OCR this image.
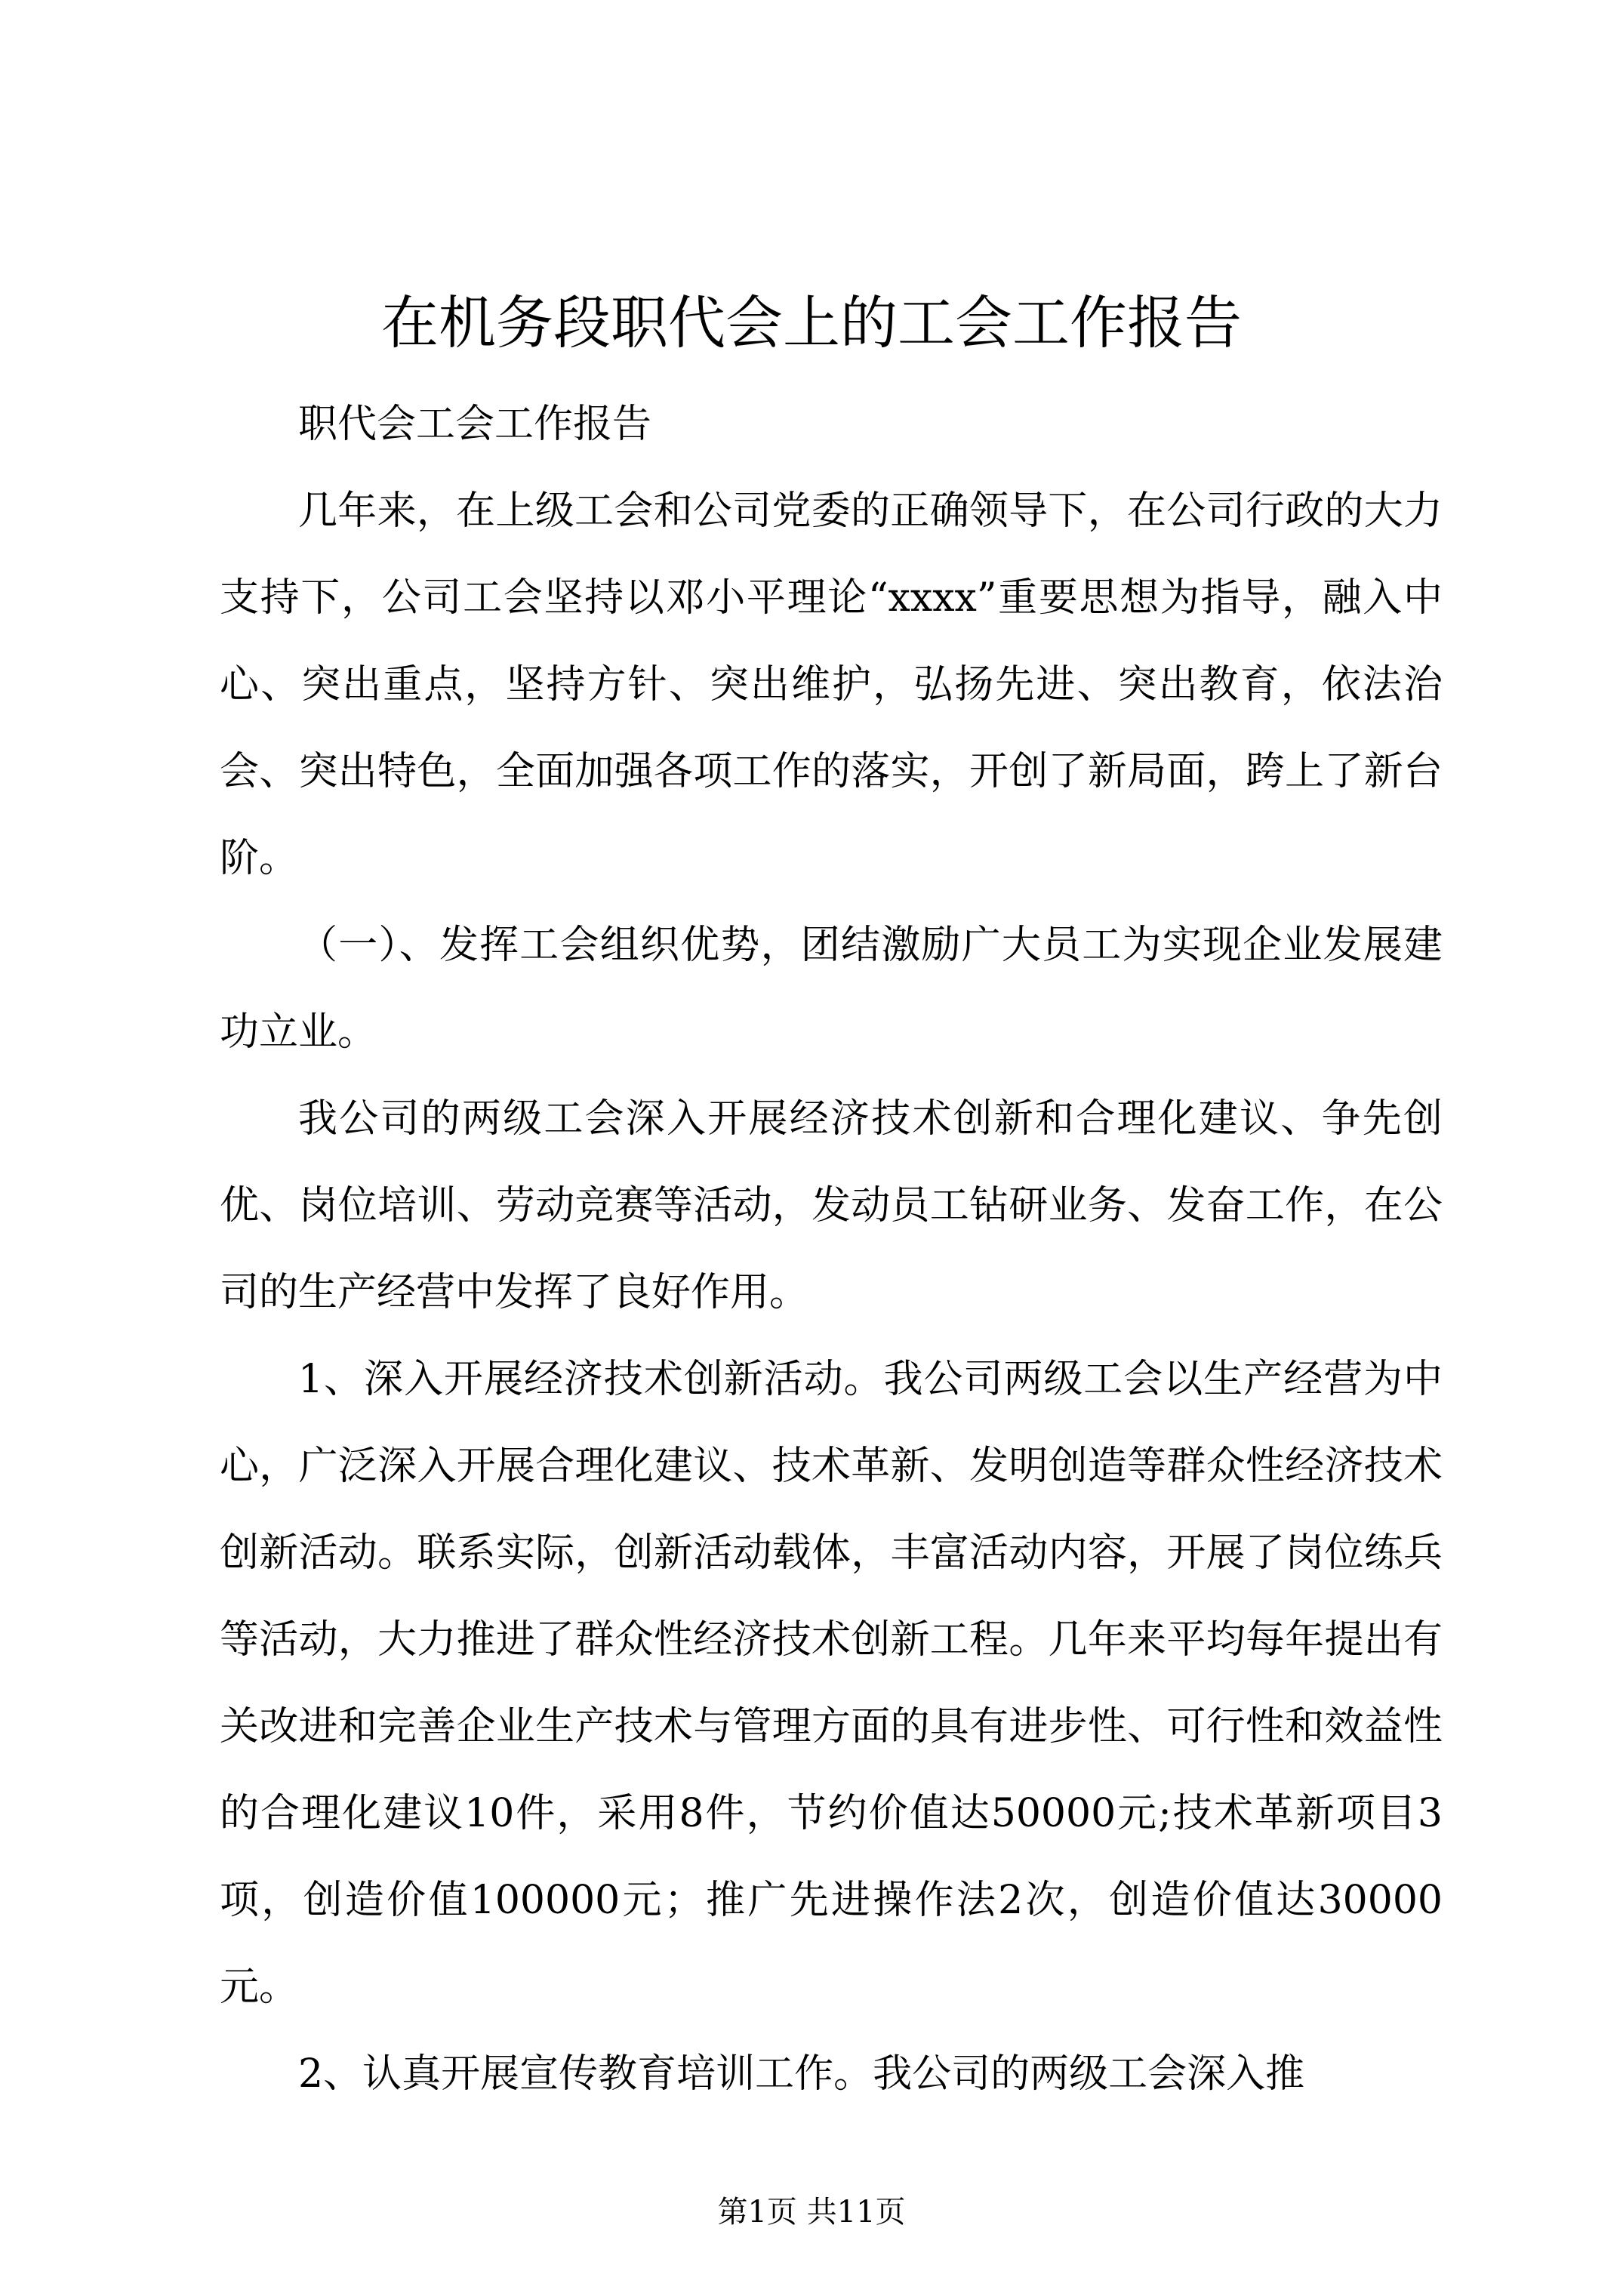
在机务段职代会上的工会工作报告

职代会工会工作报告

几年来，在上级工会和公司党委的正确领导下，在公司行政的大力支持下，公司工会坚持以邓小平理论“xxxx”重要思想为指导，融入中心、突出重点，坚持方针、突出维护，弘扬先进、突出教育，依法治会、突出特色，全面加强各项工作的落实，开创了新局面，跨上了新台阶。

（一）、发挥工会组织优势，团结激励广大员工为实现企业发展建功立业。

我公司的两级工会深入开展经济技术创新和合理化建议、争先创优、岗位培训、劳动竞赛等活动，发动员工钻研业务、发奋工作，在公司的生产经营中发挥了良好作用。

1、深入开展经济技术创新活动。我公司两级工会以生产经营为中心，广泛深入开展合理化建议、技术革新、发明创造等群众性经济技术创新活动。联系实际，创新活动载体，丰富活动内容，开展了岗位练兵等活动，大力推进了群众性经济技术创新工程。几年来平均每年提出有关改进和完善企业生产技术与管理方面的具有进步性、可行性和效益性的合理化建议10件，采用8件，节约价值达50000元;技术革新项目3项，创造价值100000元；推广先进操作法2次，创造价值达30000元。

2、认真开展宣传教育培训工作。我公司的两级工会深入推

第1页 共11页
